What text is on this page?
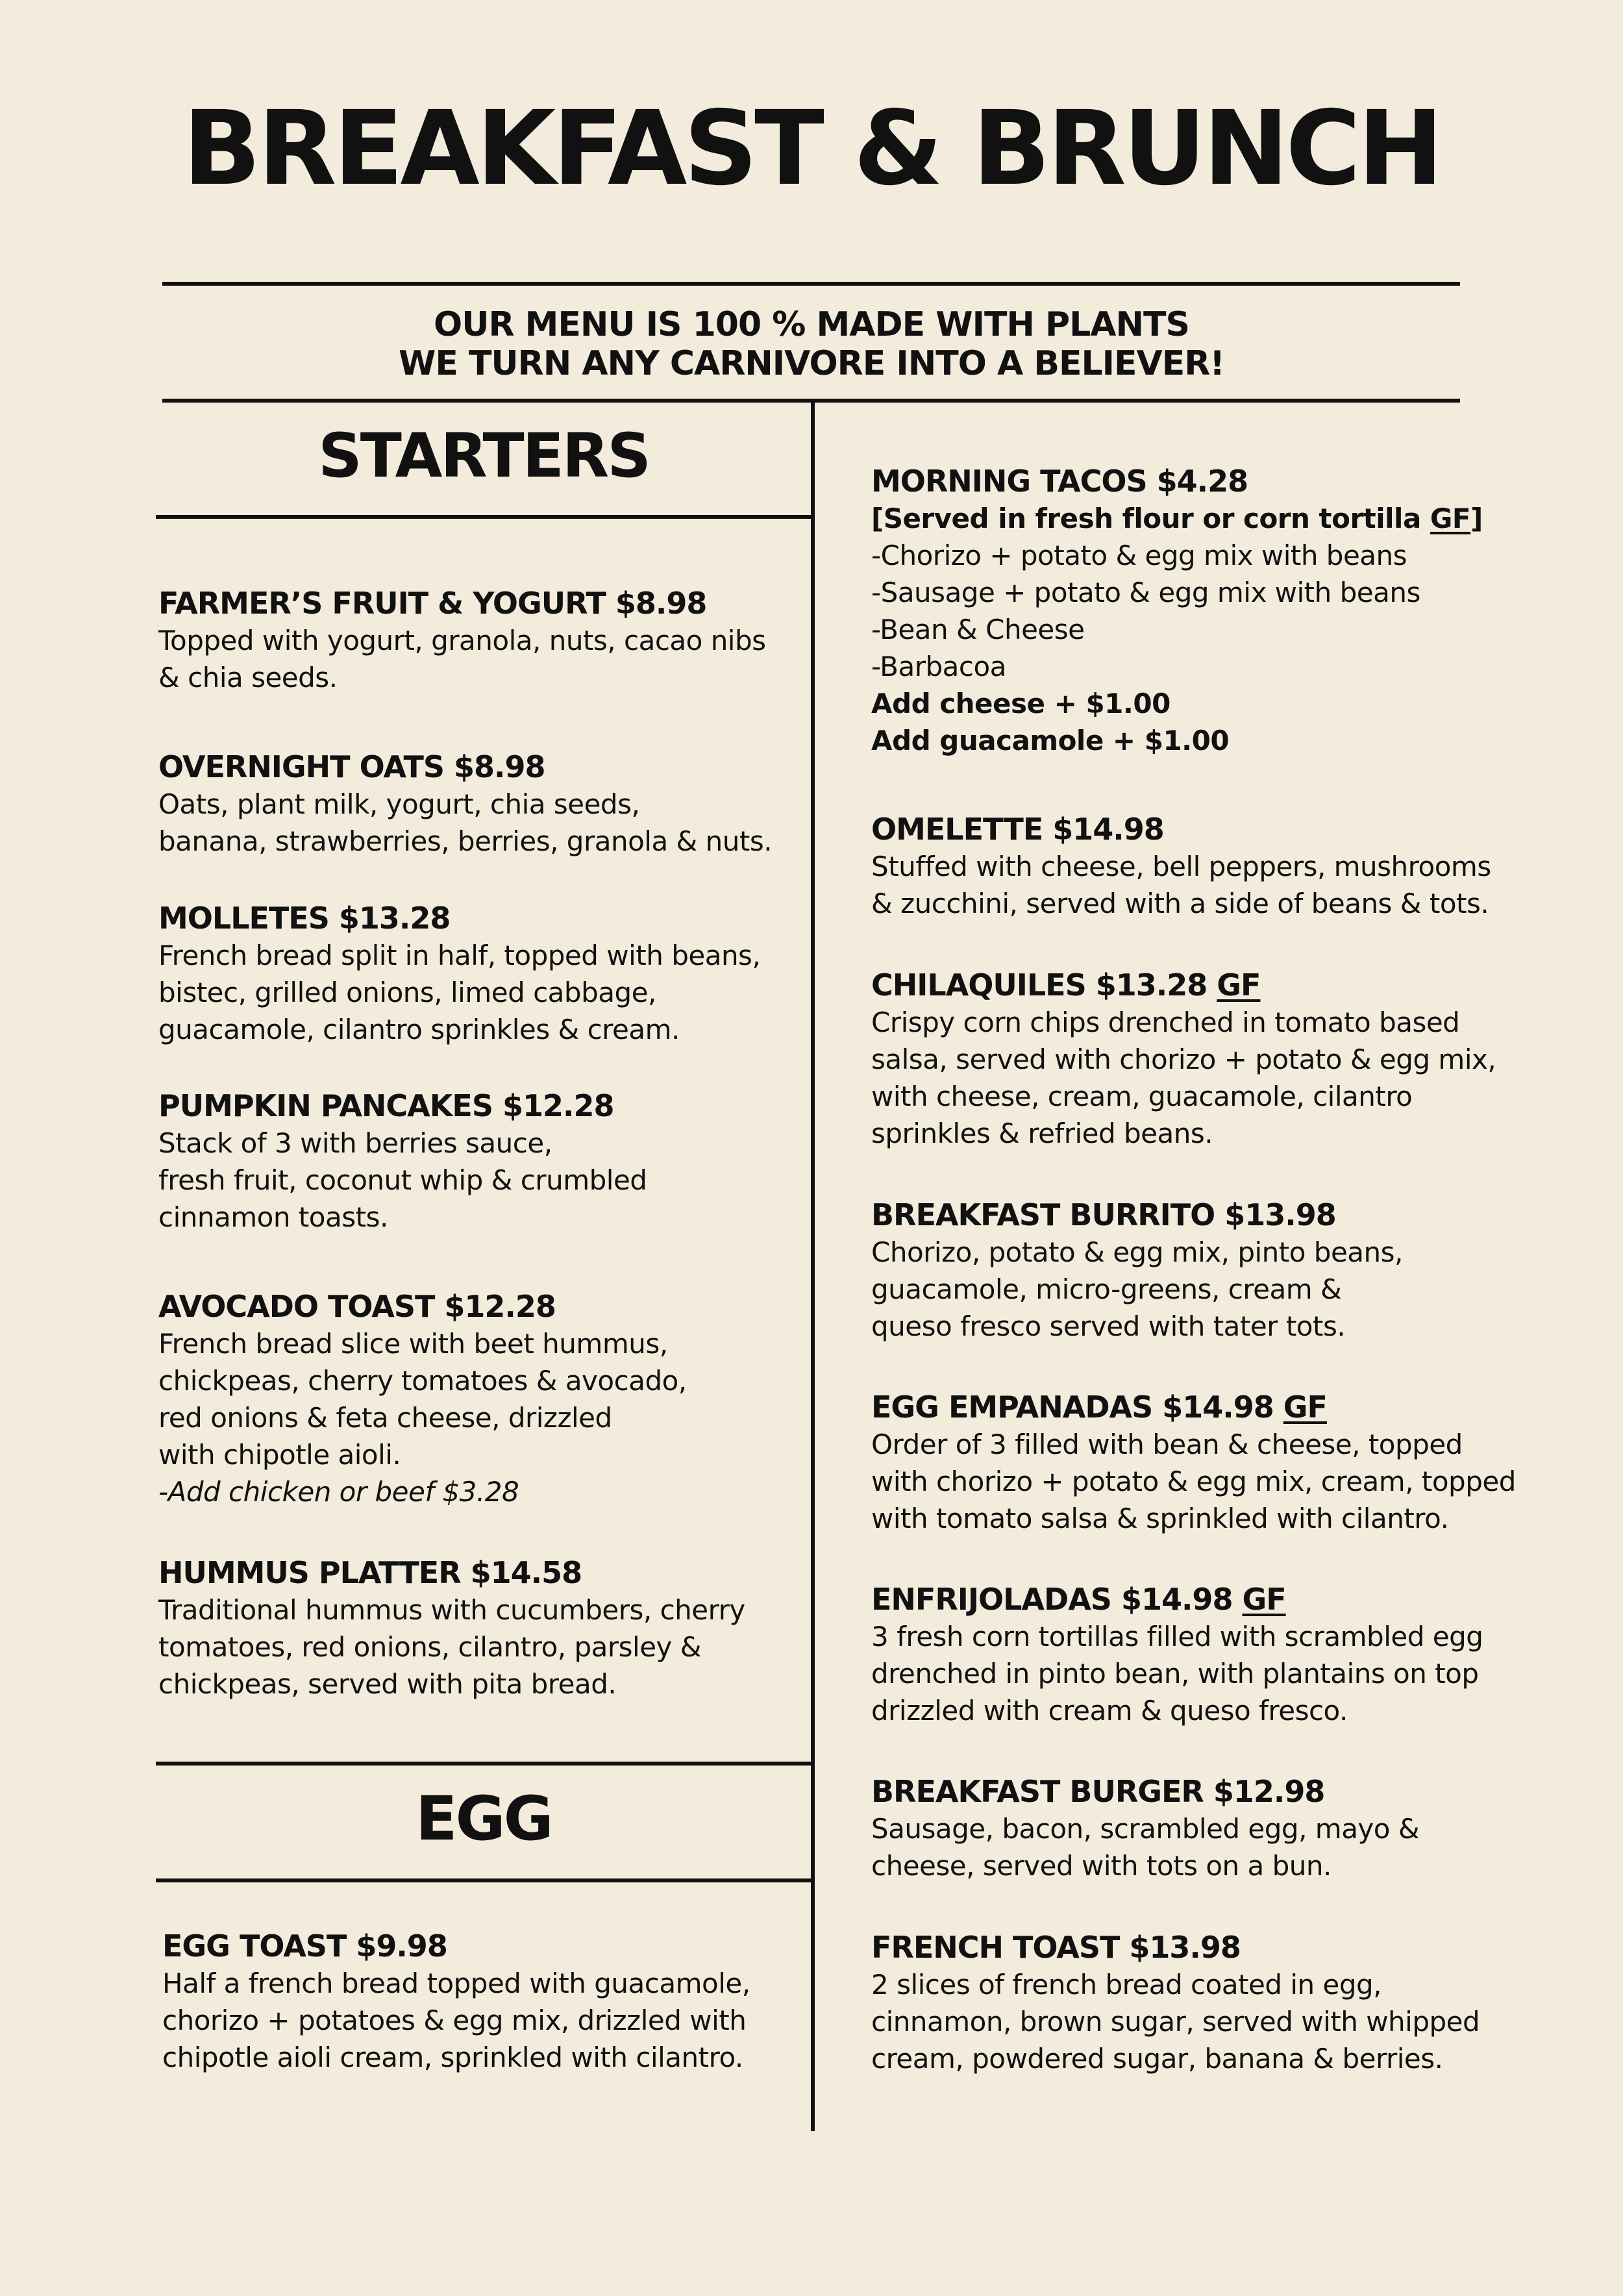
BREAKFAST & BRUNCH
OUR MENU IS 100 % MADE WITH PLANTS
WE TURN ANY CARNIVORE INTO A BELIEVER!
STARTERS
EGG
MORNING TACOS $4.28
[Served in fresh flour or corn tortilla GF]
-Chorizo + potato & egg mix with beans
-Sausage + potato & egg mix with beans
-Bean & Cheese
-Barbacoa
Add cheese + $1.00
Add guacamole + $1.00
FARMER’S FRUIT & YOGURT $8.98
Topped with yogurt, granola, nuts, cacao nibs
& chia seeds.
OVERNIGHT OATS $8.98
Oats, plant milk, yogurt, chia seeds,
banana, strawberries, berries, granola & nuts.
MOLLETES $13.28
French bread split in half, topped with beans,
bistec, grilled onions, limed cabbage,
guacamole, cilantro sprinkles & cream.
PUMPKIN PANCAKES $12.28
Stack of 3 with berries sauce,
fresh fruit, coconut whip & crumbled
cinnamon toasts.
AVOCADO TOAST $12.28
French bread slice with beet hummus,
chickpeas, cherry tomatoes & avocado,
red onions & feta cheese, drizzled
with chipotle aioli.
-Add chicken or beef $3.28
HUMMUS PLATTER $14.58
Traditional hummus with cucumbers, cherry
tomatoes, red onions, cilantro, parsley &
chickpeas, served with pita bread.
EGG TOAST $9.98
Half a french bread topped with guacamole,
chorizo + potatoes & egg mix, drizzled with
chipotle aioli cream, sprinkled with cilantro.
OMELETTE $14.98
Stuffed with cheese, bell peppers, mushrooms
& zucchini, served with a side of beans & tots.
CHILAQUILES $13.28 GF
Crispy corn chips drenched in tomato based
salsa, served with chorizo + potato & egg mix,
with cheese, cream, guacamole, cilantro
sprinkles & refried beans.
BREAKFAST BURRITO $13.98
Chorizo, potato & egg mix, pinto beans,
guacamole, micro-greens, cream &
queso fresco served with tater tots.
EGG EMPANADAS $14.98 GF
Order of 3 filled with bean & cheese, topped
with chorizo + potato & egg mix, cream, topped
with tomato salsa & sprinkled with cilantro.
ENFRIJOLADAS $14.98 GF
3 fresh corn tortillas filled with scrambled egg
drenched in pinto bean, with plantains on top
drizzled with cream & queso fresco.
BREAKFAST BURGER $12.98
Sausage, bacon, scrambled egg, mayo &
cheese, served with tots on a bun.
FRENCH TOAST $13.98
2 slices of french bread coated in egg,
cinnamon, brown sugar, served with whipped
cream, powdered sugar, banana & berries.
